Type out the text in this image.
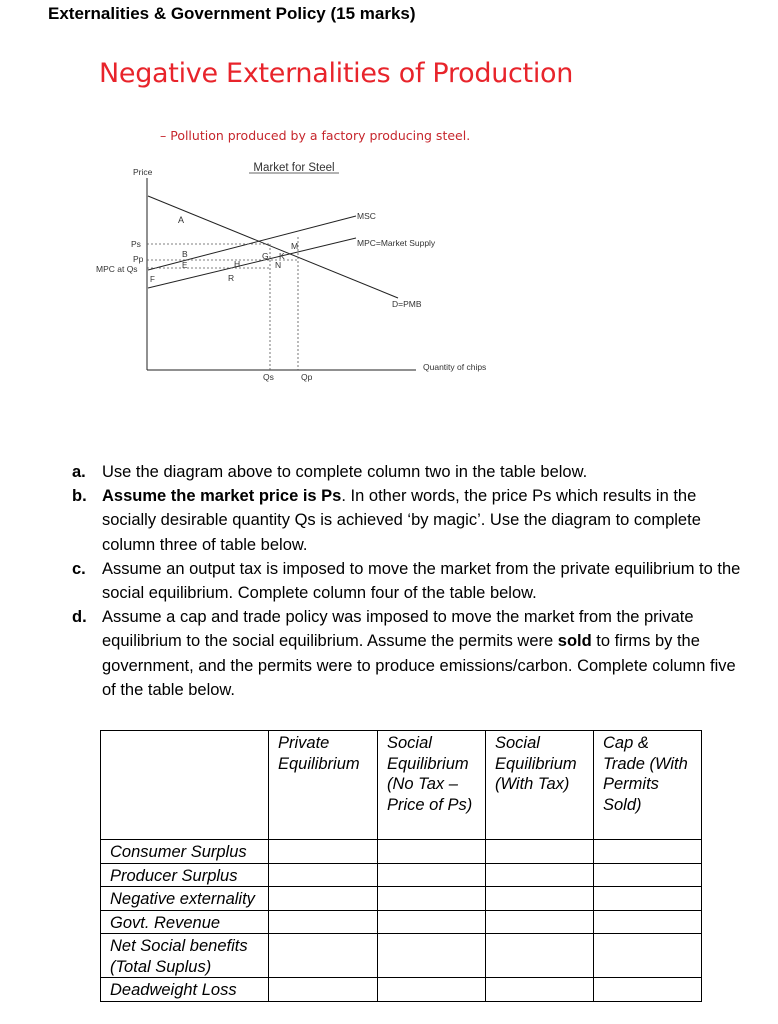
Externalities & Government Policy (15 marks)
Negative Externalities of Production
– Pollution produced by a factory producing steel.
Market for Steel
Price
Quantity of chips
Ps
Pp
MPC at Qs
Qs	Qp
MSC
MPC=Market Supply
D=PMB
A
B
E
F
H
R
G K
M
N
a. Use the diagram above to complete column two in the table below.
b. Assume the market price is Ps. In other words, the price Ps which results in the socially desirable quantity Qs is achieved ‘by magic’. Use the diagram to complete column three of table below.
c. Assume an output tax is imposed to move the market from the private equilibrium to the social equilibrium. Complete column four of the table below.
d. Assume a cap and trade policy was imposed to move the market from the private equilibrium to the social equilibrium. Assume the permits were sold to firms by the government, and the permits were to produce emissions/carbon. Complete column five of the table below.
	Private Equilibrium	Social Equilibrium (No Tax – Price of Ps)	Social Equilibrium (With Tax)	Cap & Trade (With Permits Sold)
Consumer Surplus				
Producer Surplus				
Negative externality				
Govt. Revenue				
Net Social benefits (Total Suplus)				
Deadweight Loss				
